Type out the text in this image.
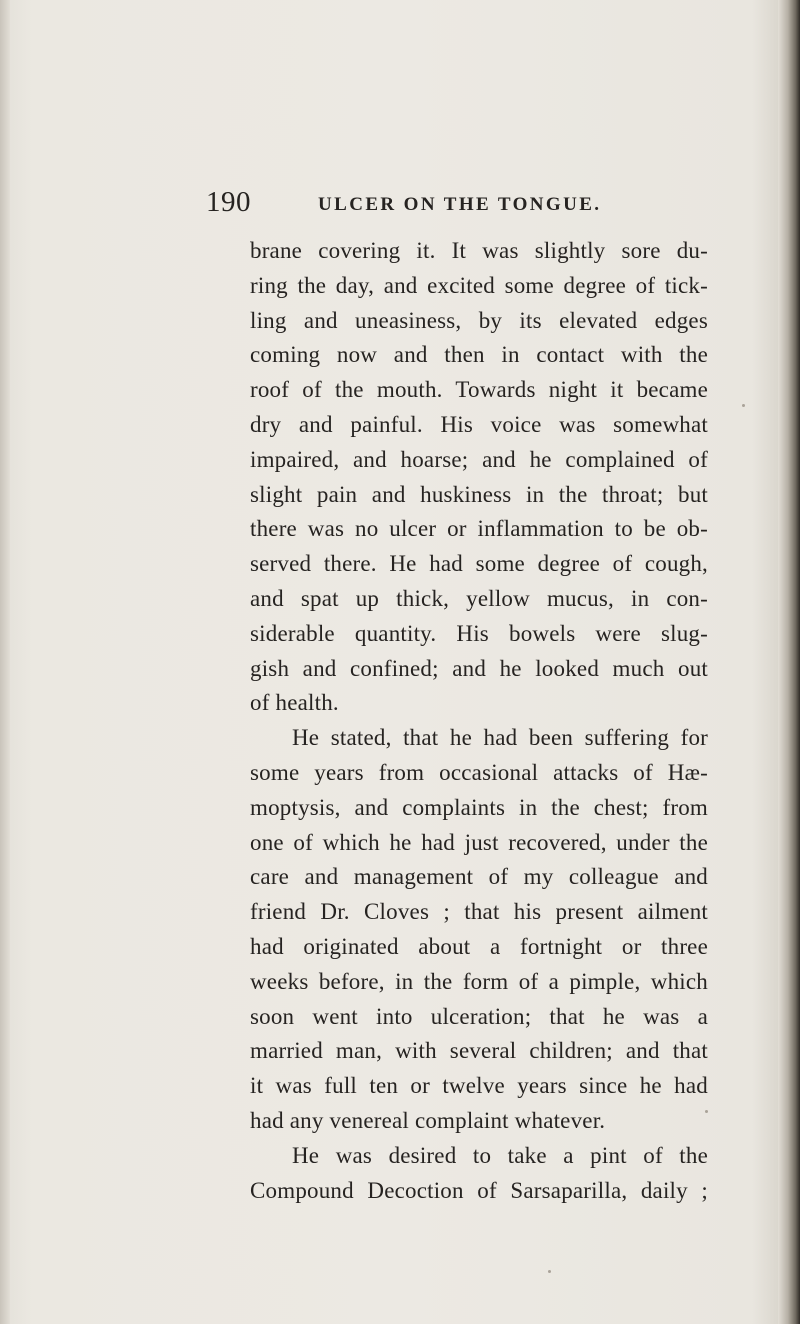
190	ULCER ON THE TONGUE.
brane covering it. It was slightly sore du-
ring the day, and excited some degree of tick-
ling and uneasiness, by its elevated edges
coming now and then in contact with the
roof of the mouth. Towards night it became
dry and painful. His voice was somewhat
impaired, and hoarse; and he complained of
slight pain and huskiness in the throat; but
there was no ulcer or inflammation to be ob-
served there. He had some degree of cough,
and spat up thick, yellow mucus, in con-
siderable quantity. His bowels were slug-
gish and confined; and he looked much out
of health.
He stated, that he had been suffering for
some years from occasional attacks of Hæ-
moptysis, and complaints in the chest; from
one of which he had just recovered, under the
care and management of my colleague and
friend Dr. Cloves ; that his present ailment
had originated about a fortnight or three
weeks before, in the form of a pimple, which
soon went into ulceration; that he was a
married man, with several children; and that
it was full ten or twelve years since he had
had any venereal complaint whatever.
He was desired to take a pint of the
Compound Decoction of Sarsaparilla, daily ;
